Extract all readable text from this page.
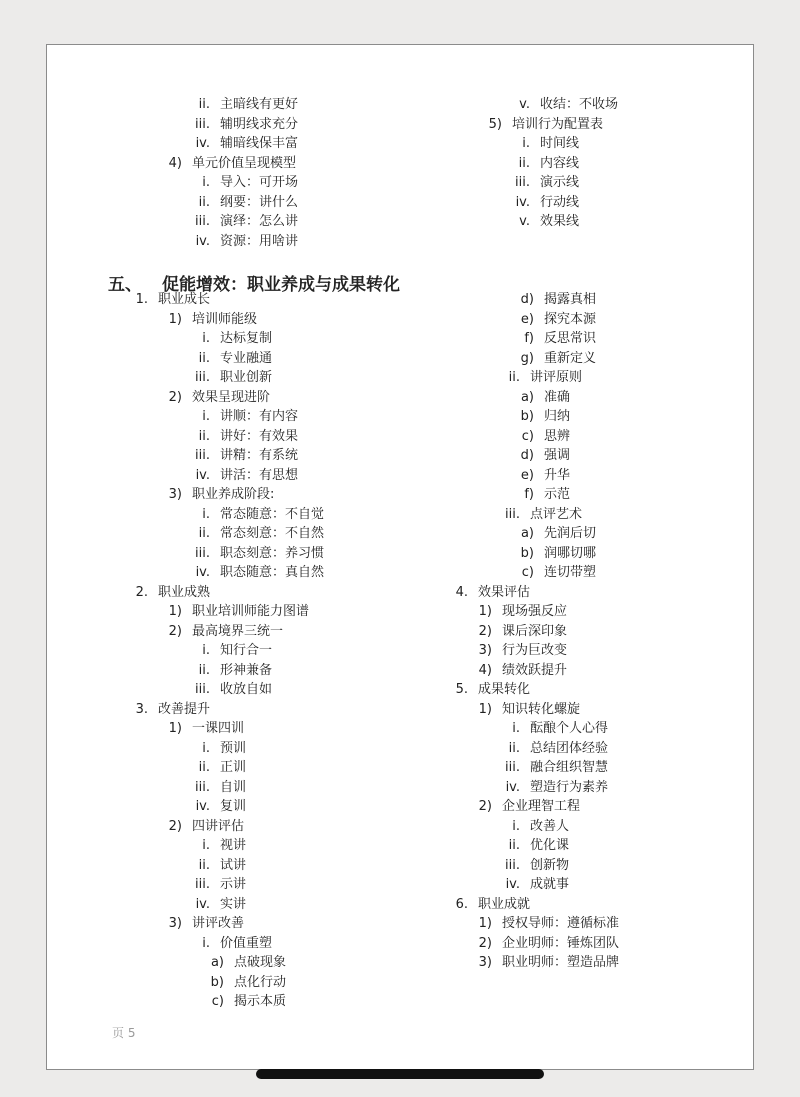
ii. 主暗线有更好
iii. 辅明线求充分
iv. 辅暗线保丰富
4) 单元价值呈现模型
i. 导入：可开场
ii. 纲要：讲什么
iii. 演绎：怎么讲
iv. 资源：用啥讲
v. 收结：不收场
5) 培训行为配置表
i. 时间线
ii. 内容线
iii. 演示线
iv. 行动线
v. 效果线
1. 职业成长
1) 培训师能级
i. 达标复制
ii. 专业融通
iii. 职业创新
2) 效果呈现进阶
i. 讲顺：有内容
ii. 讲好：有效果
iii. 讲精：有系统
iv. 讲活：有思想
3) 职业养成阶段:
i. 常态随意：不自觉
ii. 常态刻意：不自然
iii. 职态刻意：养习惯
iv. 职态随意：真自然
2. 职业成熟
1) 职业培训师能力图谱
2) 最高境界三统一
i. 知行合一
ii. 形神兼备
iii. 收放自如
3. 改善提升
1) 一课四训
i. 预训
ii. 正训
iii. 自训
iv. 复训
2) 四讲评估
i. 视讲
ii. 试讲
iii. 示讲
iv. 实讲
3) 讲评改善
i. 价值重塑
a) 点破现象
b) 点化行动
c) 揭示本质
d) 揭露真相
e) 探究本源
f) 反思常识
g) 重新定义
ii. 讲评原则
a) 准确
b) 归纳
c) 思辨
d) 强调
e) 升华
f) 示范
iii. 点评艺术
a) 先润后切
b) 润哪切哪
c) 连切带塑
4. 效果评估
1) 现场强反应
2) 课后深印象
3) 行为巨改变
4) 绩效跃提升
5. 成果转化
1) 知识转化螺旋
i. 酝酿个人心得
ii. 总结团体经验
iii. 融合组织智慧
iv. 塑造行为素养
2) 企业理智工程
i. 改善人
ii. 优化课
iii. 创新物
iv. 成就事
6. 职业成就
1) 授权导师：遵循标准
2) 企业明师：锤炼团队
3) 职业明师：塑造品牌
五、 促能增效：职业养成与成果转化
页 5
